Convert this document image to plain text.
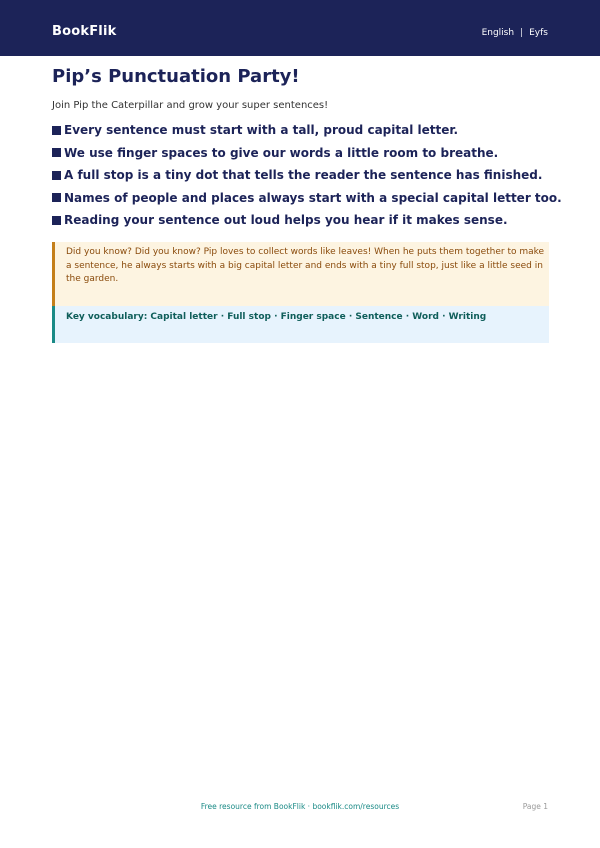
BookFlik	English | Eyfs
Pip’s Punctuation Party!
Join Pip the Caterpillar and grow your super sentences!
Every sentence must start with a tall, proud capital letter.
We use finger spaces to give our words a little room to breathe.
A full stop is a tiny dot that tells the reader the sentence has finished.
Names of people and places always start with a special capital letter too.
Reading your sentence out loud helps you hear if it makes sense.

Did you know? Did you know? Pip loves to collect words like leaves! When he puts them together to make a sentence, he always starts with a big capital letter and ends with a tiny full stop, just like a little seed in the garden.

Key vocabulary: Capital letter · Full stop · Finger space · Sentence · Word · Writing

Free resource from BookFlik · bookflik.com/resources	Page 1
